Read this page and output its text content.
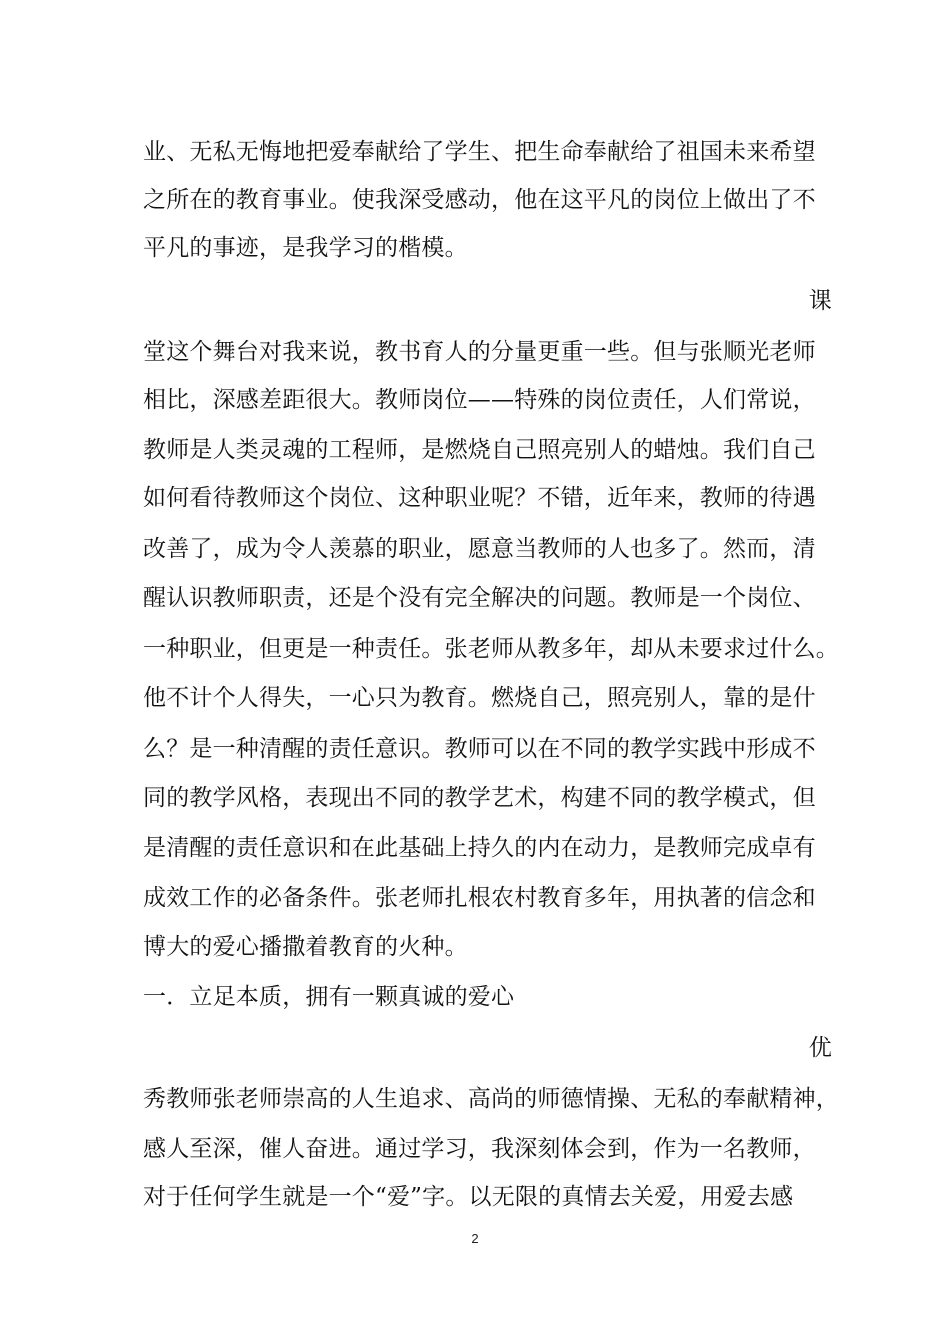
业、无私无悔地把爱奉献给了学生、把生命奉献给了祖国未来希望
之所在的教育事业。使我深受感动，他在这平凡的岗位上做出了不
平凡的事迹，是我学习的楷模。
课
堂这个舞台对我来说，教书育人的分量更重一些。但与张顺光老师
相比，深感差距很大。教师岗位——特殊的岗位责任，人们常说，
教师是人类灵魂的工程师，是燃烧自己照亮别人的蜡烛。我们自己
如何看待教师这个岗位、这种职业呢？不错，近年来，教师的待遇
改善了，成为令人羡慕的职业，愿意当教师的人也多了。然而，清
醒认识教师职责，还是个没有完全解决的问题。教师是一个岗位、
一种职业，但更是一种责任。张老师从教多年，却从未要求过什么。
他不计个人得失，一心只为教育。燃烧自己，照亮别人，靠的是什
么？是一种清醒的责任意识。教师可以在不同的教学实践中形成不
同的教学风格，表现出不同的教学艺术，构建不同的教学模式，但
是清醒的责任意识和在此基础上持久的内在动力，是教师完成卓有
成效工作的必备条件。张老师扎根农村教育多年，用执著的信念和
博大的爱心播撒着教育的火种。
一．立足本质，拥有一颗真诚的爱心
优
秀教师张老师崇高的人生追求、高尚的师德情操、无私的奉献精神，
感人至深，催人奋进。通过学习，我深刻体会到，作为一名教师，
对于任何学生就是一个“爱”字。以无限的真情去关爱，用爱去感
2
